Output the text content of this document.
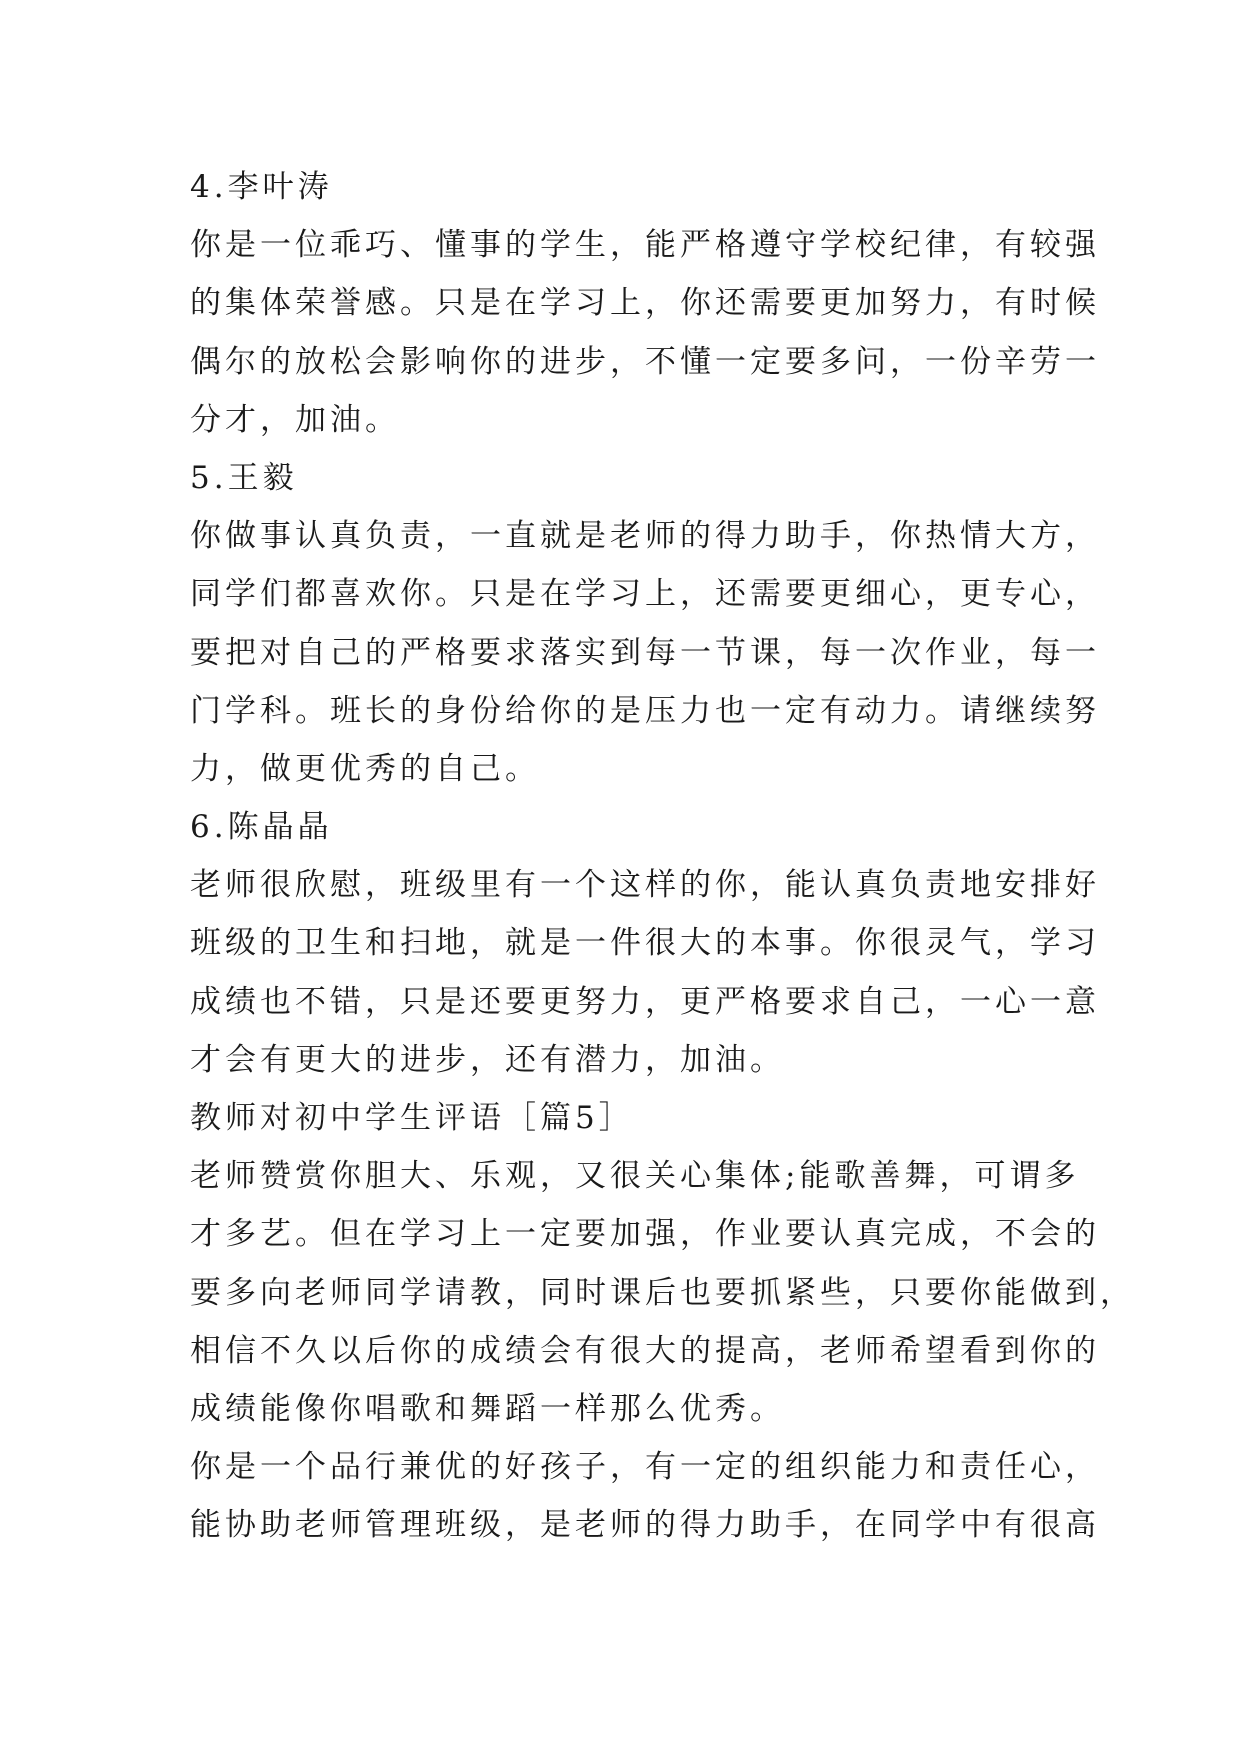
4.李叶涛
你 是 一 位 乖 巧 、 懂 事 的 学 生 ， 能 严 格 遵 守 学 校 纪 律 ， 有 较 强
的 集 体 荣 誉 感 。 只 是 在 学 习 上 ， 你 还 需 要 更 加 努 力 ， 有 时 候
偶 尔 的 放 松 会 影 响 你 的 进 步 ， 不 懂 一 定 要 多 问 ， 一 份 辛 劳 一
分才，加油。
5.王毅
你 做 事 认 真 负 责 ， 一 直 就 是 老 师 的 得 力 助 手 ， 你 热 情 大 方 ，
同 学 们 都 喜 欢 你 。 只 是 在 学 习 上 ， 还 需 要 更 细 心 ， 更 专 心 ，
要 把 对 自 己 的 严 格 要 求 落 实 到 每 一 节 课 ， 每 一 次 作 业 ， 每 一
门 学 科 。 班 长 的 身 份 给 你 的 是 压 力 也 一 定 有 动 力 。 请 继 续 努
力，做更优秀的自己。
6.陈晶晶
老 师 很 欣 慰 ， 班 级 里 有 一 个 这 样 的 你 ， 能 认 真 负 责 地 安 排 好
班 级 的 卫 生 和 扫 地 ， 就 是 一 件 很 大 的 本 事 。 你 很 灵 气 ， 学 习
成 绩 也 不 错 ， 只 是 还 要 更 努 力 ， 更 严 格 要 求 自 己 ， 一 心 一 意
才会有更大的进步，还有潜力，加油。
教师对初中学生评语［篇5］
老 师 赞 赏 你 胆 大 、 乐 观 ， 又 很 关 心 集 体 ; 能 歌 善 舞 ， 可 谓 多
才 多 艺 。 但 在 学 习 上 一 定 要 加 强 ， 作 业 要 认 真 完 成 ， 不 会 的
要 多 向 老 师 同 学 请 教 ， 同 时 课 后 也 要 抓 紧 些 ， 只 要 你 能 做 到 ，
相 信 不 久 以 后 你 的 成 绩 会 有 很 大 的 提 高 ， 老 师 希 望 看 到 你 的
成绩能像你唱歌和舞蹈一样那么优秀。
你 是 一 个 品 行 兼 优 的 好 孩 子 ， 有 一 定 的 组 织 能 力 和 责 任 心 ，
能 协 助 老 师 管 理 班 级 ， 是 老 师 的 得 力 助 手 ， 在 同 学 中 有 很 高
